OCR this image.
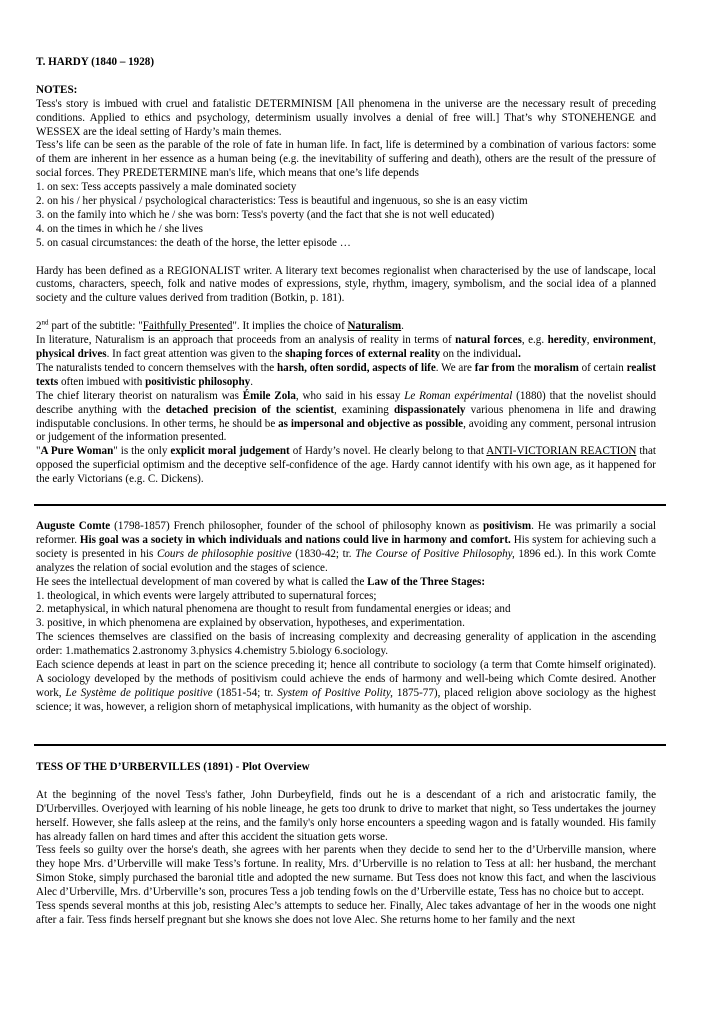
T. HARDY (1840 – 1928)

NOTES:

Tess's story is imbued with cruel and fatalistic DETERMINISM [All phenomena in the universe are the necessary result of preceding conditions. Applied to ethics and psychology, determinism usually involves a denial of free will.] That’s why STONEHENGE and WESSEX are the ideal setting of Hardy’s main themes.

Tess’s life can be seen as the parable of the role of fate in human life. In fact, life is determined by a combination of various factors: some of them are inherent in her essence as a human being (e.g. the inevitability of suffering and death), others are the result of the pressure of social forces. They PREDETERMINE man's life, which means that one’s life depends

1. on sex: Tess accepts passively a male dominated society
2. on his / her physical / psychological characteristics: Tess is beautiful and ingenuous, so she is an easy victim
3. on the family into which he / she was born: Tess's poverty (and the fact that she is not well educated)
4. on the times in which he / she lives
5. on casual circumstances: the death of the horse, the letter episode …

Hardy has been defined as a REGIONALIST writer. A literary text becomes regionalist when characterised by the use of landscape, local customs, characters, speech, folk and native modes of expressions, style, rhythm, imagery, symbolism, and the social idea of a planned society and the culture values derived from tradition (Botkin, p. 181).

2nd part of the subtitle: "Faithfully Presented". It implies the choice of Naturalism.

In literature, Naturalism is an approach that proceeds from an analysis of reality in terms of natural forces, e.g. heredity, environment, physical drives. In fact great attention was given to the shaping forces of external reality on the individual.

The naturalists tended to concern themselves with the harsh, often sordid, aspects of life. We are far from the moralism of certain realist texts often imbued with positivistic philosophy.

The chief literary theorist on naturalism was Émile Zola, who said in his essay Le Roman expérimental (1880) that the novelist should describe anything with the detached precision of the scientist, examining dispassionately various phenomena in life and drawing indisputable conclusions. In other terms, he should be as impersonal and objective as possible, avoiding any comment, personal intrusion or judgement of the information presented.

"A Pure Woman" is the only explicit moral judgement of Hardy’s novel. He clearly belong to that ANTI-VICTORIAN REACTION that opposed the superficial optimism and the deceptive self-confidence of the age. Hardy cannot identify with his own age, as it happened for the early Victorians (e.g. C. Dickens).

Auguste Comte (1798-1857) French philosopher, founder of the school of philosophy known as positivism. He was primarily a social reformer. His goal was a society in which individuals and nations could live in harmony and comfort. His system for achieving such a society is presented in his Cours de philosophie positive (1830-42; tr. The Course of Positive Philosophy, 1896 ed.). In this work Comte analyzes the relation of social evolution and the stages of science.

He sees the intellectual development of man covered by what is called the Law of the Three Stages:

1. theological, in which events were largely attributed to supernatural forces;
2. metaphysical, in which natural phenomena are thought to result from fundamental energies or ideas; and
3. positive, in which phenomena are explained by observation, hypotheses, and experimentation.

The sciences themselves are classified on the basis of increasing complexity and decreasing generality of application in the ascending order: 1.mathematics 2.astronomy 3.physics 4.chemistry 5.biology 6.sociology.

Each science depends at least in part on the science preceding it; hence all contribute to sociology (a term that Comte himself originated). A sociology developed by the methods of positivism could achieve the ends of harmony and well-being which Comte desired. Another work, Le Système de politique positive (1851-54; tr. System of Positive Polity, 1875-77), placed religion above sociology as the highest science; it was, however, a religion shorn of metaphysical implications, with humanity as the object of worship.

TESS OF THE D’URBERVILLES (1891) - Plot Overview

At the beginning of the novel Tess's father, John Durbeyfield, finds out he is a descendant of a rich and aristocratic family, the D'Urbervilles. Overjoyed with learning of his noble lineage, he gets too drunk to drive to market that night, so Tess undertakes the journey herself. However, she falls asleep at the reins, and the family's only horse encounters a speeding wagon and is fatally wounded. His family has already fallen on hard times and after this accident the situation gets worse.

Tess feels so guilty over the horse's death, she agrees with her parents when they decide to send her to the d’Urberville mansion, where they hope Mrs. d’Urberville will make Tess’s fortune. In reality, Mrs. d’Urberville is no relation to Tess at all: her husband, the merchant Simon Stoke, simply purchased the baronial title and adopted the new surname. But Tess does not know this fact, and when the lascivious Alec d’Urberville, Mrs. d’Urberville’s son, procures Tess a job tending fowls on the d’Urberville estate, Tess has no choice but to accept.

Tess spends several months at this job, resisting Alec’s attempts to seduce her. Finally, Alec takes advantage of her in the woods one night after a fair. Tess finds herself pregnant but she knows she does not love Alec. She returns home to her family and the next
